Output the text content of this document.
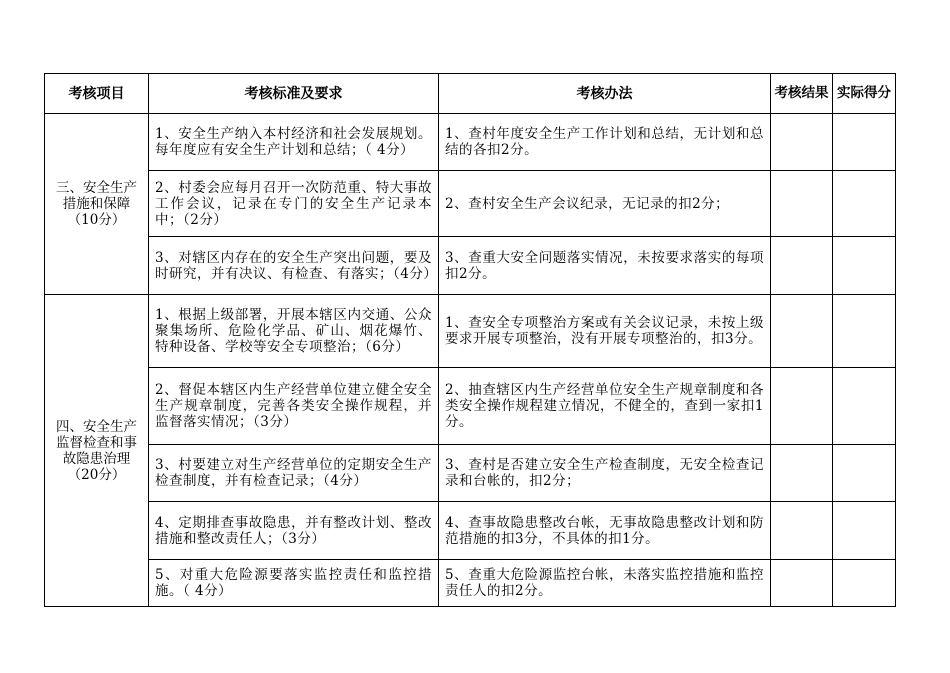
考核项目	考核标准及要求	考核办法	考核结果	实际得分
三、安全生产措施和保障（10分）	1、安全生产纳入本村经济和社会发展规划。每年度应有安全生产计划和总结；（ 4分）	1、查村年度安全生产工作计划和总结，无计划和总结的各扣2分。		
	2、村委会应每月召开一次防范重、特大事故工作会议，记录在专门的安全生产记录本中；（2分）	2、查村安全生产会议纪录，无记录的扣2分；		
	3、对辖区内存在的安全生产突出问题，要及时研究，并有决议、有检查、有落实；（4分）	3、查重大安全问题落实情况，未按要求落实的每项扣2分。		
四、安全生产监督检查和事故隐患治理（20分）	1、根据上级部署，开展本辖区内交通、公众聚集场所、危险化学品、矿山、烟花爆竹、特种设备、学校等安全专项整治；（6分）	1、查安全专项整治方案或有关会议记录，未按上级要求开展专项整治，没有开展专项整治的，扣3分。		
	2、督促本辖区内生产经营单位建立健全安全生产规章制度，完善各类安全操作规程，并监督落实情况；（3分）	2、抽查辖区内生产经营单位安全生产规章制度和各类安全操作规程建立情况，不健全的，查到一家扣1分。		
	3、村要建立对生产经营单位的定期安全生产检查制度，并有检查记录；（4分）	3、查村是否建立安全生产检查制度，无安全检查记录和台帐的，扣2分；		
	4、定期排查事故隐患，并有整改计划、整改措施和整改责任人；（3分）	4、查事故隐患整改台帐，无事故隐患整改计划和防范措施的扣3分，不具体的扣1分。		
	5、对重大危险源要落实监控责任和监控措施。（ 4分）	5、查重大危险源监控台帐，未落实监控措施和监控责任人的扣2分。		
